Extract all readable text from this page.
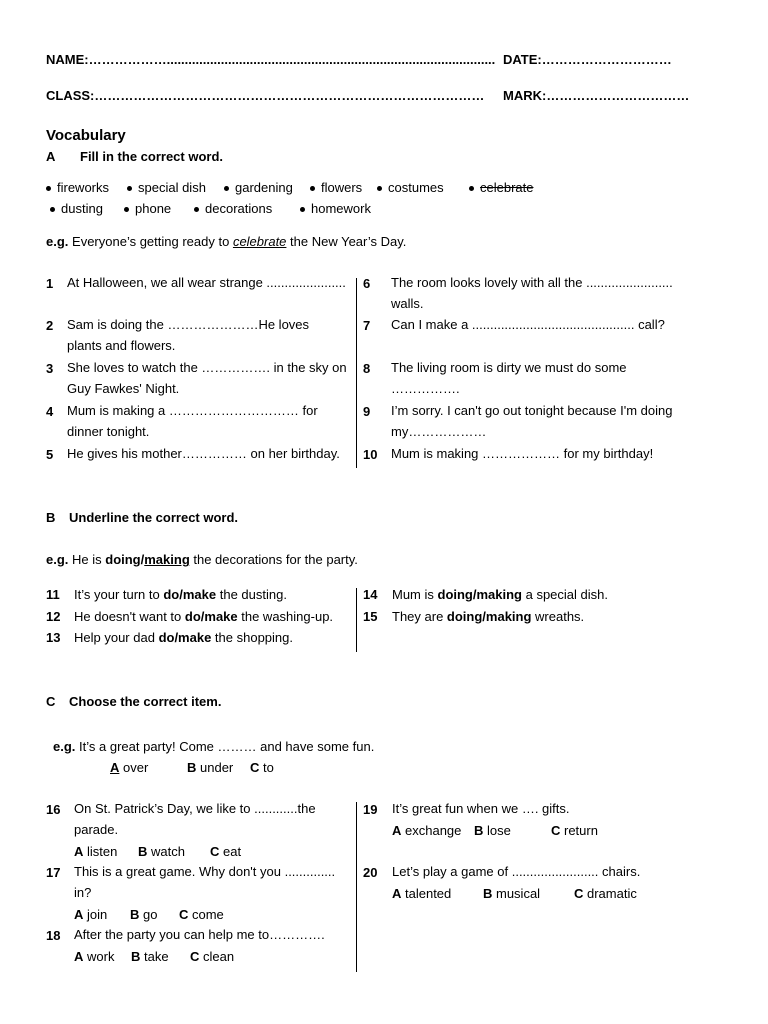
NAME:………………........................................................................................... DATE:…………………………
CLASS:……………………………………………………………………………… MARK:……………………………
Vocabulary
A Fill in the correct word.
fireworks	special dish	gardening	flowers	costumes	celebrate
dusting	phone	decorations	homework
e.g. Everyone’s getting ready to celebrate the New Year’s Day.
1 At Halloween, we all wear strange ......................
2 Sam is doing the …………………He loves
plants and flowers.
3 She loves to watch the ……………. in the sky on
Guy Fawkes' Night.
4 Mum is making a ………………………… for
dinner tonight.
5 He gives his mother…………… on her birthday.
6 The room looks lovely with all the ........................
walls.
7 Can I make a ............................................. call?
8 The living room is dirty we must do some
…………….
9 I’m sorry. I can't go out tonight because I'm doing
my………………
10 Mum is making ……………… for my birthday!
B Underline the correct word.
e.g. He is doing/making the decorations for the party.
11 It’s your turn to do/make the dusting.
12 He doesn't want to do/make the washing-up.
13 Help your dad do/make the shopping.
14 Mum is doing/making a special dish.
15 They are doing/making wreaths.
C Choose the correct item.
e.g. It’s a great party! Come ……… and have some fun.
A over	B under C to
16 On St. Patrick’s Day, we like to ............the
parade.
A listen B watch C eat
17 This is a great game. Why don't you ..............
in?
A join B go C come
18 After the party you can help me to………….
A work B take C clean
19 It’s great fun when we …. gifts.
A exchange B lose	C return
20 Let’s play a game of ........................ chairs.
A talented B musical	C dramatic
